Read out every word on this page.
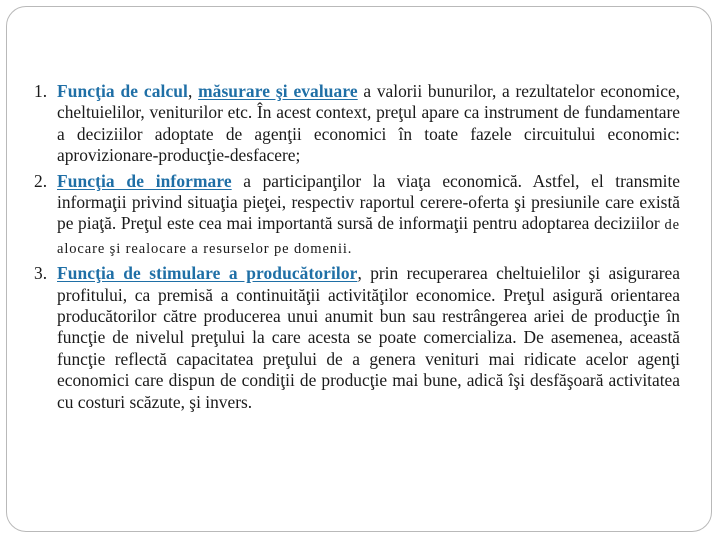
1. Funcţia de calcul, măsurare şi evaluare a valorii bunurilor, a rezultatelor economice, cheltuielilor, veniturilor etc. În acest context, preţul apare ca instrument de fundamentare a deciziilor adoptate de agenţii economici în toate fazele circuitului economic: aprovizionare-producţie-desfacere;
2. Funcţia de informare a participanţilor la viaţa economică. Astfel, el transmite informaţii privind situaţia pieţei, respectiv raportul cerere-oferta şi presiunile care există pe piaţă. Preţul este cea mai importantă sursă de informaţii pentru adoptarea deciziilor de alocare şi realocare a resurselor pe domenii.
3. Funcţia de stimulare a producătorilor, prin recuperarea cheltuielilor şi asigurarea profitului, ca premisă a continuităţii activităţilor economice. Preţul asigură orientarea producătorilor către producerea unui anumit bun sau restrângerea ariei de producţie în funcţie de nivelul preţului la care acesta se poate comercializa. De asemenea, această funcţie reflectă capacitatea preţului de a genera venituri mai ridicate acelor agenţi economici care dispun de condiţii de producţie mai bune, adică îşi desfăşoară activitatea cu costuri scăzute, şi invers.
